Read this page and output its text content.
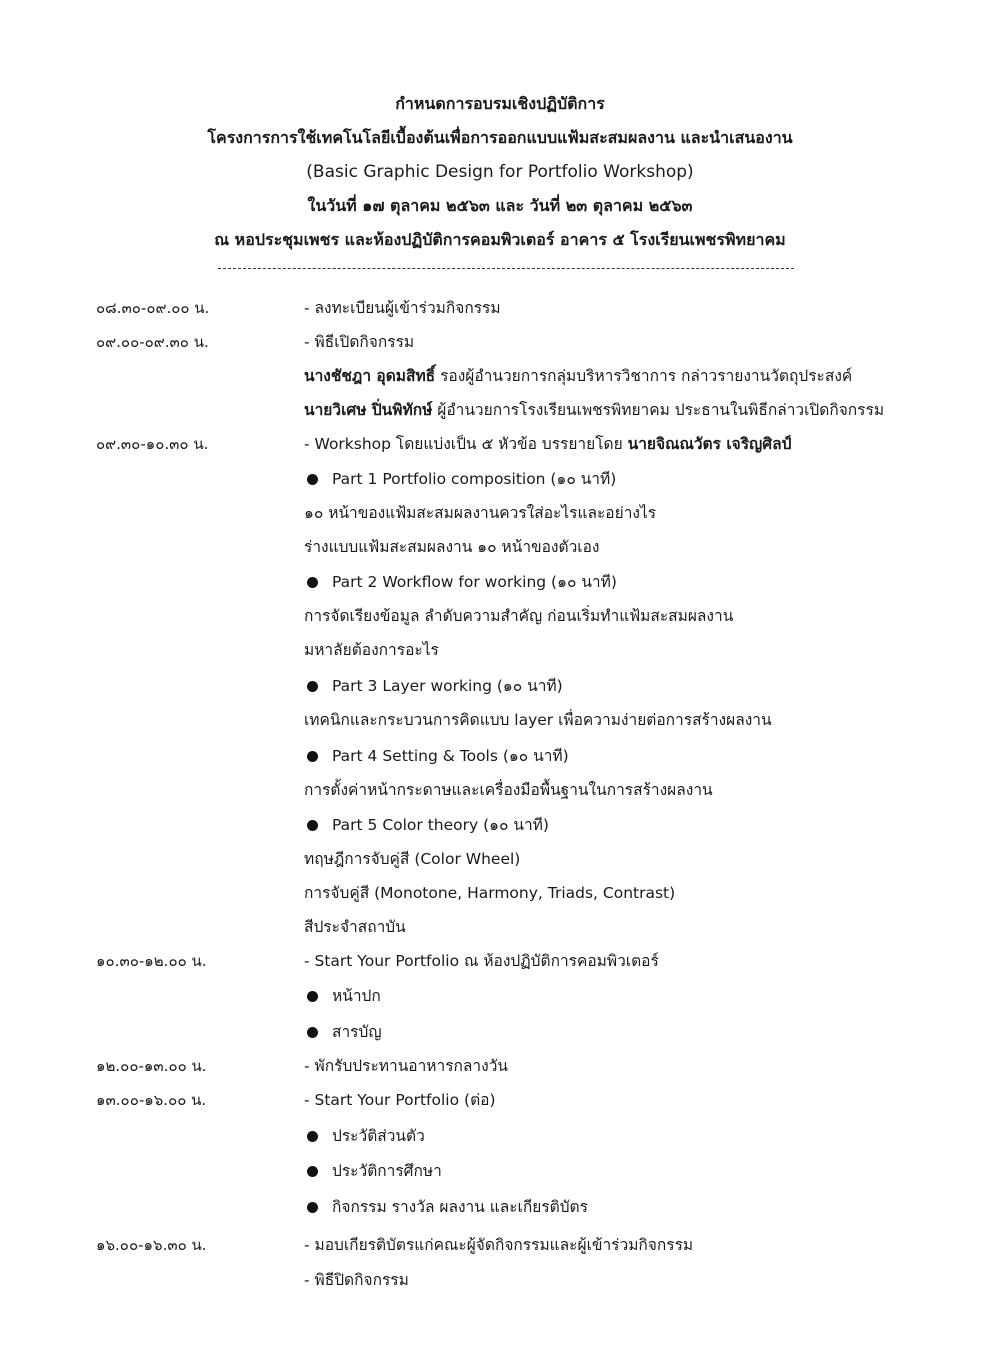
กำหนดการอบรมเชิงปฏิบัติการ
โครงการการใช้เทคโนโลยีเบื้องต้นเพื่อการออกแบบแฟ้มสะสมผลงาน และนำเสนองาน
(Basic Graphic Design for Portfolio Workshop)
ในวันที่ ๑๗ ตุลาคม ๒๕๖๓ และ วันที่ ๒๓ ตุลาคม ๒๕๖๓
ณ หอประชุมเพชร และห้องปฏิบัติการคอมพิวเตอร์ อาคาร ๕ โรงเรียนเพชรพิทยาคม
๐๘.๓๐-๐๙.๐๐ น.	- ลงทะเบียนผู้เข้าร่วมกิจกรรม
๐๙.๐๐-๐๙.๓๐ น.	- พิธีเปิดกิจกรรม
นางชัชฎา อุดมสิทธิ์ รองผู้อำนวยการกลุ่มบริหารวิชาการ กล่าวรายงานวัตถุประสงค์
นายวิเศษ ปิ่นพิทักษ์ ผู้อำนวยการโรงเรียนเพชรพิทยาคม ประธานในพิธีกล่าวเปิดกิจกรรม
๐๙.๓๐-๑๐.๓๐ น.	- Workshop โดยแบ่งเป็น ๕ หัวข้อ บรรยายโดย นายจิณณวัตร เจริญศิลป์
Part 1 Portfolio composition (๑๐ นาที)
๑๐ หน้าของแฟ้มสะสมผลงานควรใส่อะไรและอย่างไร
ร่างแบบแฟ้มสะสมผลงาน ๑๐ หน้าของตัวเอง
Part 2 Workflow for working (๑๐ นาที)
การจัดเรียงข้อมูล ลำดับความสำคัญ ก่อนเริ่มทำแฟ้มสะสมผลงาน
มหาลัยต้องการอะไร
Part 3 Layer working (๑๐ นาที)
เทคนิกและกระบวนการคิดแบบ layer เพื่อความง่ายต่อการสร้างผลงาน
Part 4 Setting & Tools (๑๐ นาที)
การตั้งค่าหน้ากระดาษและเครื่องมือพื้นฐานในการสร้างผลงาน
Part 5 Color theory (๑๐ นาที)
ทฤษฎีการจับคู่สี (Color Wheel)
การจับคู่สี (Monotone, Harmony, Triads, Contrast)
สีประจำสถาบัน
๑๐.๓๐-๑๒.๐๐ น.	- Start Your Portfolio ณ ห้องปฏิบัติการคอมพิวเตอร์
หน้าปก
สารบัญ
๑๒.๐๐-๑๓.๐๐ น.	- พักรับประทานอาหารกลางวัน
๑๓.๐๐-๑๖.๐๐ น.	- Start Your Portfolio (ต่อ)
ประวัติส่วนตัว
ประวัติการศึกษา
กิจกรรม รางวัล ผลงาน และเกียรติบัตร
๑๖.๐๐-๑๖.๓๐ น.	- มอบเกียรติบัตรแก่คณะผู้จัดกิจกรรมและผู้เข้าร่วมกิจกรรม
- พิธีปิดกิจกรรม
